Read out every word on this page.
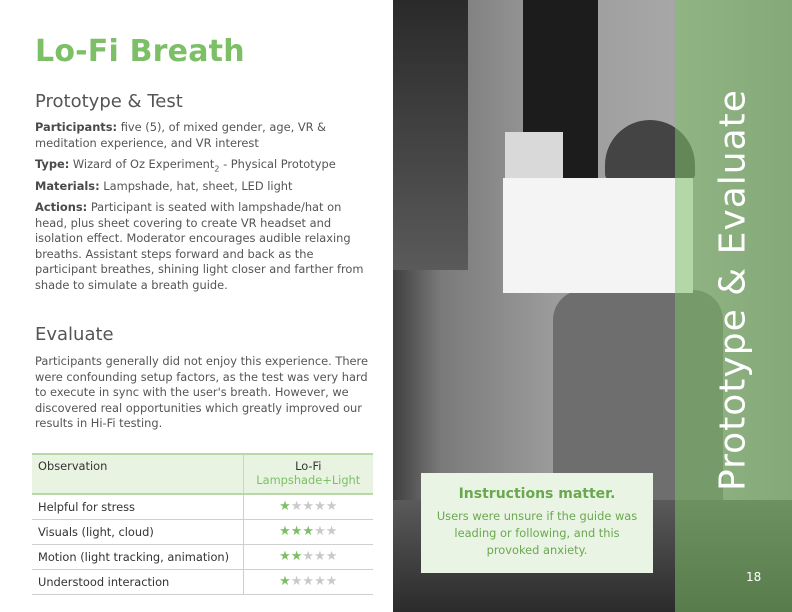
Lo-Fi Breath
Prototype & Test
Participants: five (5), of mixed gender, age, VR & meditation experience, and VR interest
Type: Wizard of Oz Experiment$_2$ - Physical Prototype
Materials: Lampshade, hat, sheet, LED light
Actions: Participant is seated with lampshade/hat on head, plus sheet covering to create VR headset and isolation effect. Moderator encourages audible relaxing breaths. Assistant steps forward and back as the participant breathes, shining light closer and farther from shade to simulate a breath guide.
Evaluate
Participants generally did not enjoy this experience. There were confounding setup factors, as the test was very hard to execute in sync with the user's breath. However, we discovered real opportunities which greatly improved our results in Hi-Fi testing.
Observation	Lo-Fi
Lampshade+Light

Helpful for stress	★★★★★
Visuals (light, cloud)	★★★★★
Motion (light tracking, animation)	★★★★★
Understood interaction	★★★★★
Prototype & Evaluate
18
Instructions matter.
Users were unsure if the guide was leading or following, and this provoked anxiety.
